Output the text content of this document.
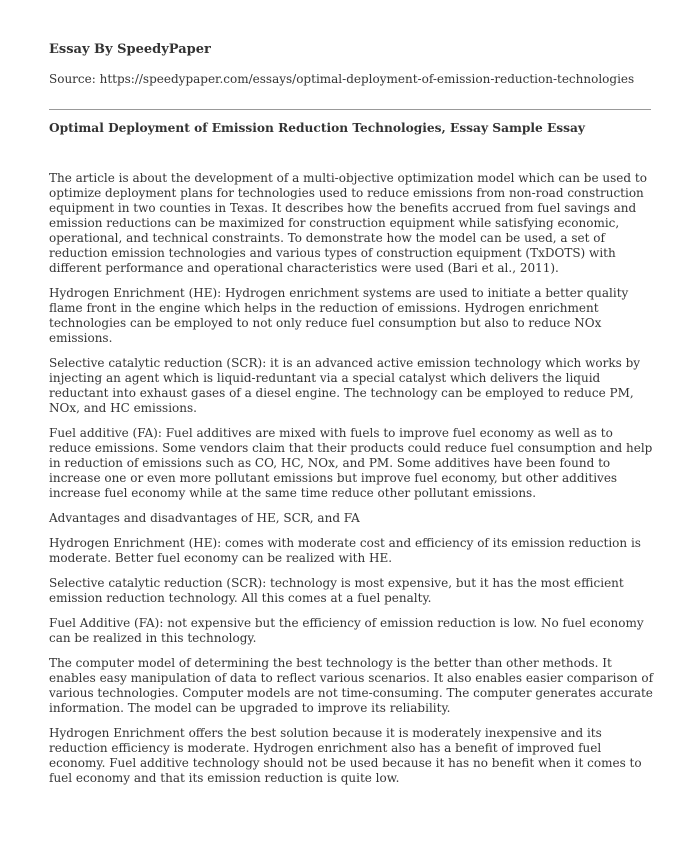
Essay By SpeedyPaper

Source: https://speedypaper.com/essays/optimal-deployment-of-emission-reduction-technologies

Optimal Deployment of Emission Reduction Technologies, Essay Sample Essay

The article is about the development of a multi-objective optimization model which can be used to optimize deployment plans for technologies used to reduce emissions from non-road construction equipment in two counties in Texas. It describes how the benefits accrued from fuel savings and emission reductions can be maximized for construction equipment while satisfying economic, operational, and technical constraints. To demonstrate how the model can be used, a set of reduction emission technologies and various types of construction equipment (TxDOTS) with different performance and operational characteristics were used (Bari et al., 2011).

Hydrogen Enrichment (HE): Hydrogen enrichment systems are used to initiate a better quality flame front in the engine which helps in the reduction of emissions. Hydrogen enrichment technologies can be employed to not only reduce fuel consumption but also to reduce NOx emissions.

Selective catalytic reduction (SCR): it is an advanced active emission technology which works by injecting an agent which is liquid-reduntant via a special catalyst which delivers the liquid reductant into exhaust gases of a diesel engine. The technology can be employed to reduce PM, NOx, and HC emissions.

Fuel additive (FA): Fuel additives are mixed with fuels to improve fuel economy as well as to reduce emissions. Some vendors claim that their products could reduce fuel consumption and help in reduction of emissions such as CO, HC, NOx, and PM. Some additives have been found to increase one or even more pollutant emissions but improve fuel economy, but other additives increase fuel economy while at the same time reduce other pollutant emissions.

Advantages and disadvantages of HE, SCR, and FA

Hydrogen Enrichment (HE): comes with moderate cost and efficiency of its emission reduction is moderate. Better fuel economy can be realized with HE.

Selective catalytic reduction (SCR): technology is most expensive, but it has the most efficient emission reduction technology. All this comes at a fuel penalty.

Fuel Additive (FA): not expensive but the efficiency of emission reduction is low. No fuel economy can be realized in this technology.

The computer model of determining the best technology is the better than other methods. It enables easy manipulation of data to reflect various scenarios. It also enables easier comparison of various technologies. Computer models are not time-consuming. The computer generates accurate information. The model can be upgraded to improve its reliability.

Hydrogen Enrichment offers the best solution because it is moderately inexpensive and its reduction efficiency is moderate. Hydrogen enrichment also has a benefit of improved fuel economy. Fuel additive technology should not be used because it has no benefit when it comes to fuel economy and that its emission reduction is quite low.
